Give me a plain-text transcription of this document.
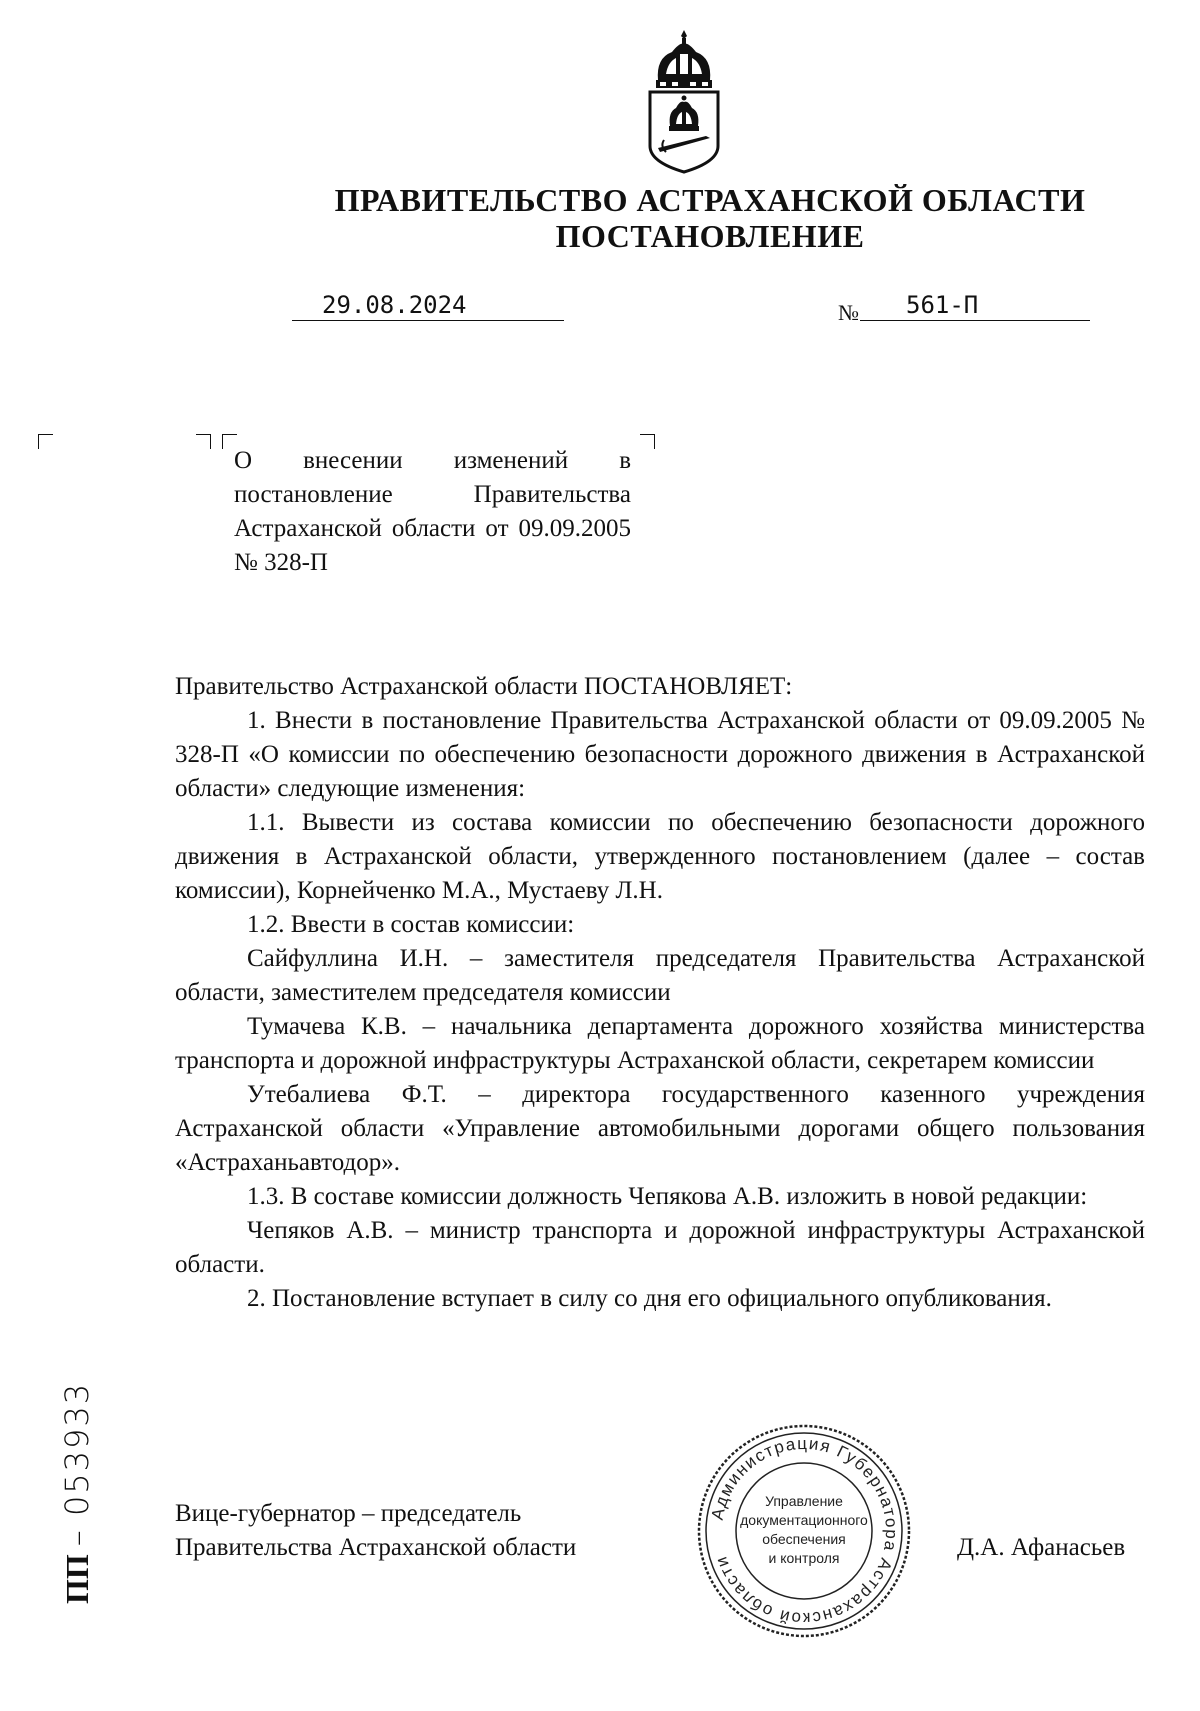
ПРАВИТЕЛЬСТВО АСТРАХАНСКОЙ ОБЛАСТИ
ПОСТАНОВЛЕНИЕ
29.08.2024	№ 561-П
О внесении изменений в постановление Правительства Астраханской области от 09.09.2005 № 328-П

Правительство Астраханской области ПОСТАНОВЛЯЕТ:

1. Внести в постановление Правительства Астраханской области от 09.09.2005 № 328-П «О комиссии по обеспечению безопасности дорожного движения в Астраханской области» следующие изменения:

1.1. Вывести из состава комиссии по обеспечению безопасности дорожного движения в Астраханской области, утвержденного постановлением (далее – состав комиссии), Корнейченко М.А., Мустаеву Л.Н.

1.2. Ввести в состав комиссии:

Сайфуллина И.Н. – заместителя председателя Правительства Астраханской области, заместителем председателя комиссии

Тумачева К.В. – начальника департамента дорожного хозяйства министерства транспорта и дорожной инфраструктуры Астраханской области, секретарем комиссии

Утебалиева Ф.Т. – директора государственного казенного учреждения Астраханской области «Управление автомобильными дорогами общего пользования «Астраханьавтодор».

1.3. В составе комиссии должность Чепякова А.В. изложить в новой редакции:

Чепяков А.В. – министр транспорта и дорожной инфраструктуры Астраханской области.

2. Постановление вступает в силу со дня его официального опубликования.

Вице-губернатор – председатель
Правительства Астраханской области	Д.А. Афанасьев
Администрация Губернатора Астраханской области
Управление
документационного
обеспечения
и контроля
ПП – 053933
